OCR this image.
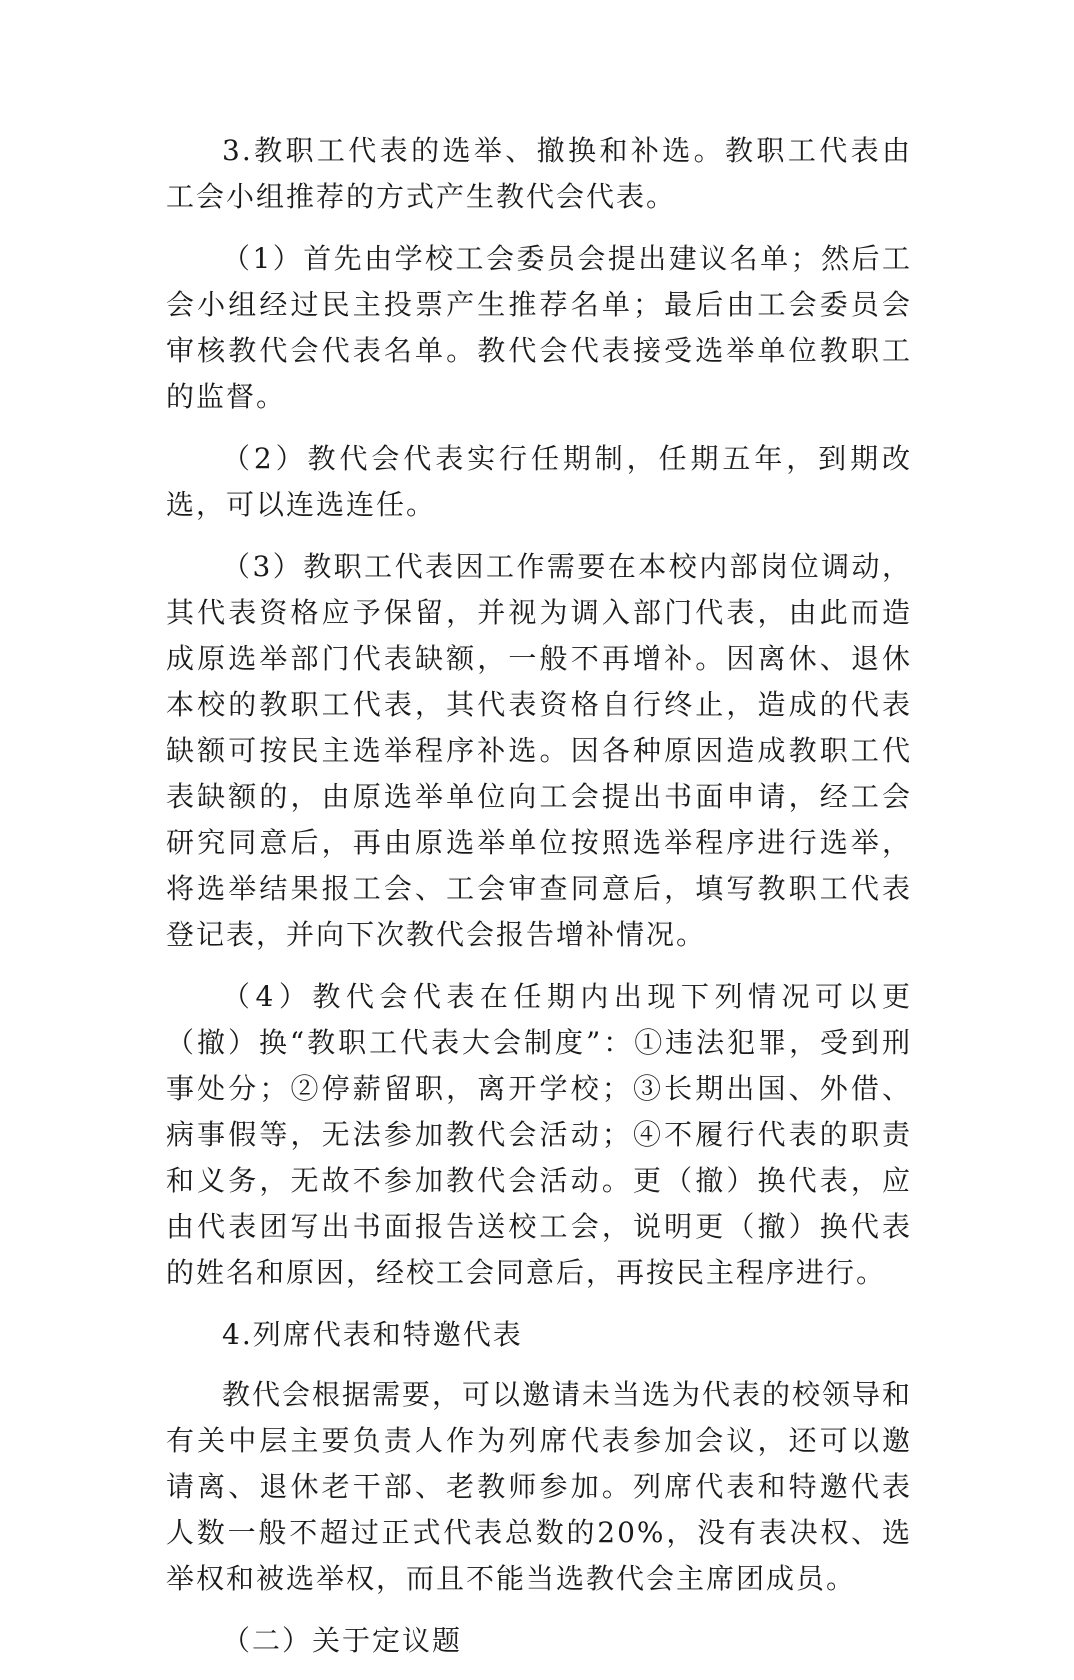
3.教职工代表的选举、撤换和补选。教职工代表由工会小组推荐的方式产生教代会代表。

（1）首先由学校工会委员会提出建议名单；然后工会小组经过民主投票产生推荐名单；最后由工会委员会审核教代会代表名单。教代会代表接受选举单位教职工的监督。

（2）教代会代表实行任期制，任期五年，到期改选，可以连选连任。

（3）教职工代表因工作需要在本校内部岗位调动，其代表资格应予保留，并视为调入部门代表，由此而造成原选举部门代表缺额，一般不再增补。因离休、退休本校的教职工代表，其代表资格自行终止，造成的代表缺额可按民主选举程序补选。因各种原因造成教职工代表缺额的，由原选举单位向工会提出书面申请，经工会研究同意后，再由原选举单位按照选举程序进行选举，将选举结果报工会、工会审查同意后，填写教职工代表登记表，并向下次教代会报告增补情况。

（4）教代会代表在任期内出现下列情况可以更（撤）换“教职工代表大会制度”：①违法犯罪，受到刑事处分；②停薪留职，离开学校；③长期出国、外借、病事假等，无法参加教代会活动；④不履行代表的职责和义务，无故不参加教代会活动。更（撤）换代表，应由代表团写出书面报告送校工会，说明更（撤）换代表的姓名和原因，经校工会同意后，再按民主程序进行。

4.列席代表和特邀代表

教代会根据需要，可以邀请未当选为代表的校领导和有关中层主要负责人作为列席代表参加会议，还可以邀请离、退休老干部、老教师参加。列席代表和特邀代表人数一般不超过正式代表总数的20%，没有表决权、选举权和被选举权，而且不能当选教代会主席团成员。

（二）关于定议题
